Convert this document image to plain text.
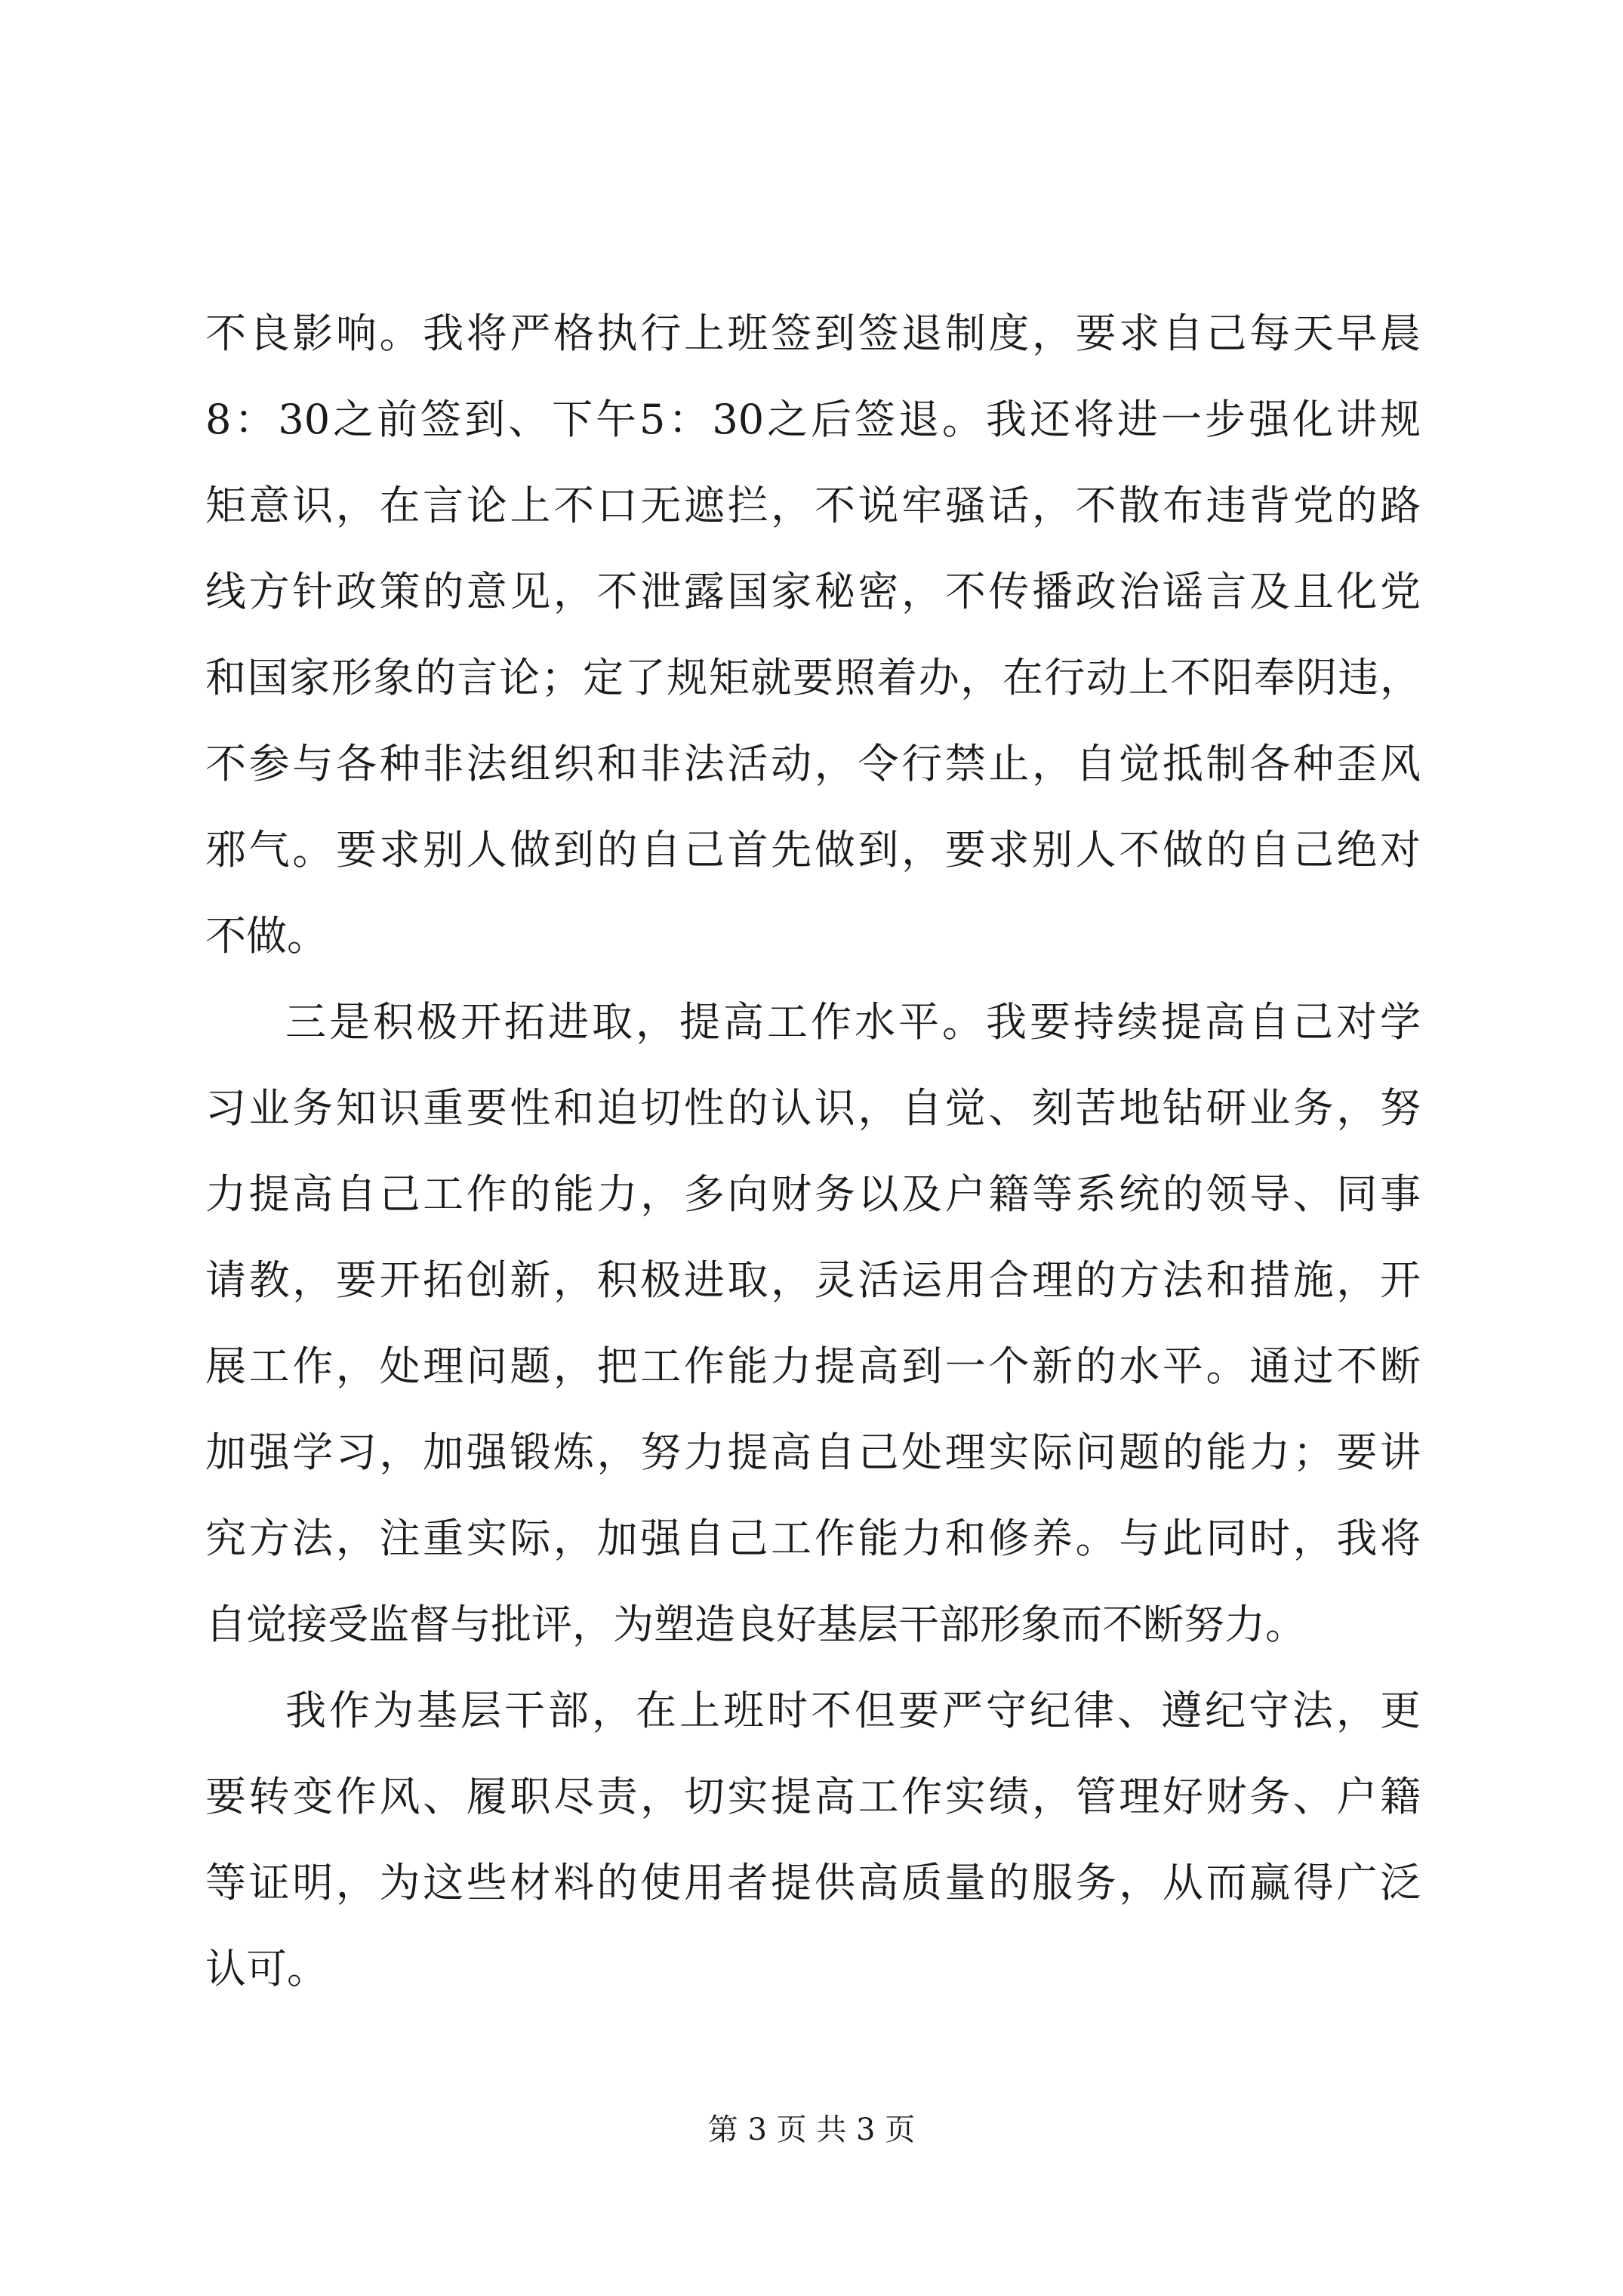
不良影响。我将严格执行上班签到签退制度，要求自己每天早晨
8：30之前签到、下午5：30之后签退。我还将进一步强化讲规
矩意识，在言论上不口无遮拦，不说牢骚话，不散布违背党的路
线方针政策的意见，不泄露国家秘密，不传播政治谣言及且化党
和国家形象的言论；定了规矩就要照着办，在行动上不阳奉阴违，
不参与各种非法组织和非法活动，令行禁止，自觉抵制各种歪风
邪气。要求别人做到的自己首先做到，要求别人不做的自己绝对
不做。
三是积极开拓进取，提高工作水平。我要持续提高自己对学
习业务知识重要性和迫切性的认识，自觉、刻苦地钻研业务，努
力提高自己工作的能力，多向财务以及户籍等系统的领导、同事
请教，要开拓创新，积极进取，灵活运用合理的方法和措施，开
展工作，处理问题，把工作能力提高到一个新的水平。通过不断
加强学习，加强锻炼，努力提高自己处理实际问题的能力；要讲
究方法，注重实际，加强自己工作能力和修养。与此同时，我将
自觉接受监督与批评，为塑造良好基层干部形象而不断努力。
我作为基层干部，在上班时不但要严守纪律、遵纪守法，更
要转变作风、履职尽责，切实提高工作实绩，管理好财务、户籍
等证明，为这些材料的使用者提供高质量的服务，从而赢得广泛
认可。
第 3 页 共 3 页
